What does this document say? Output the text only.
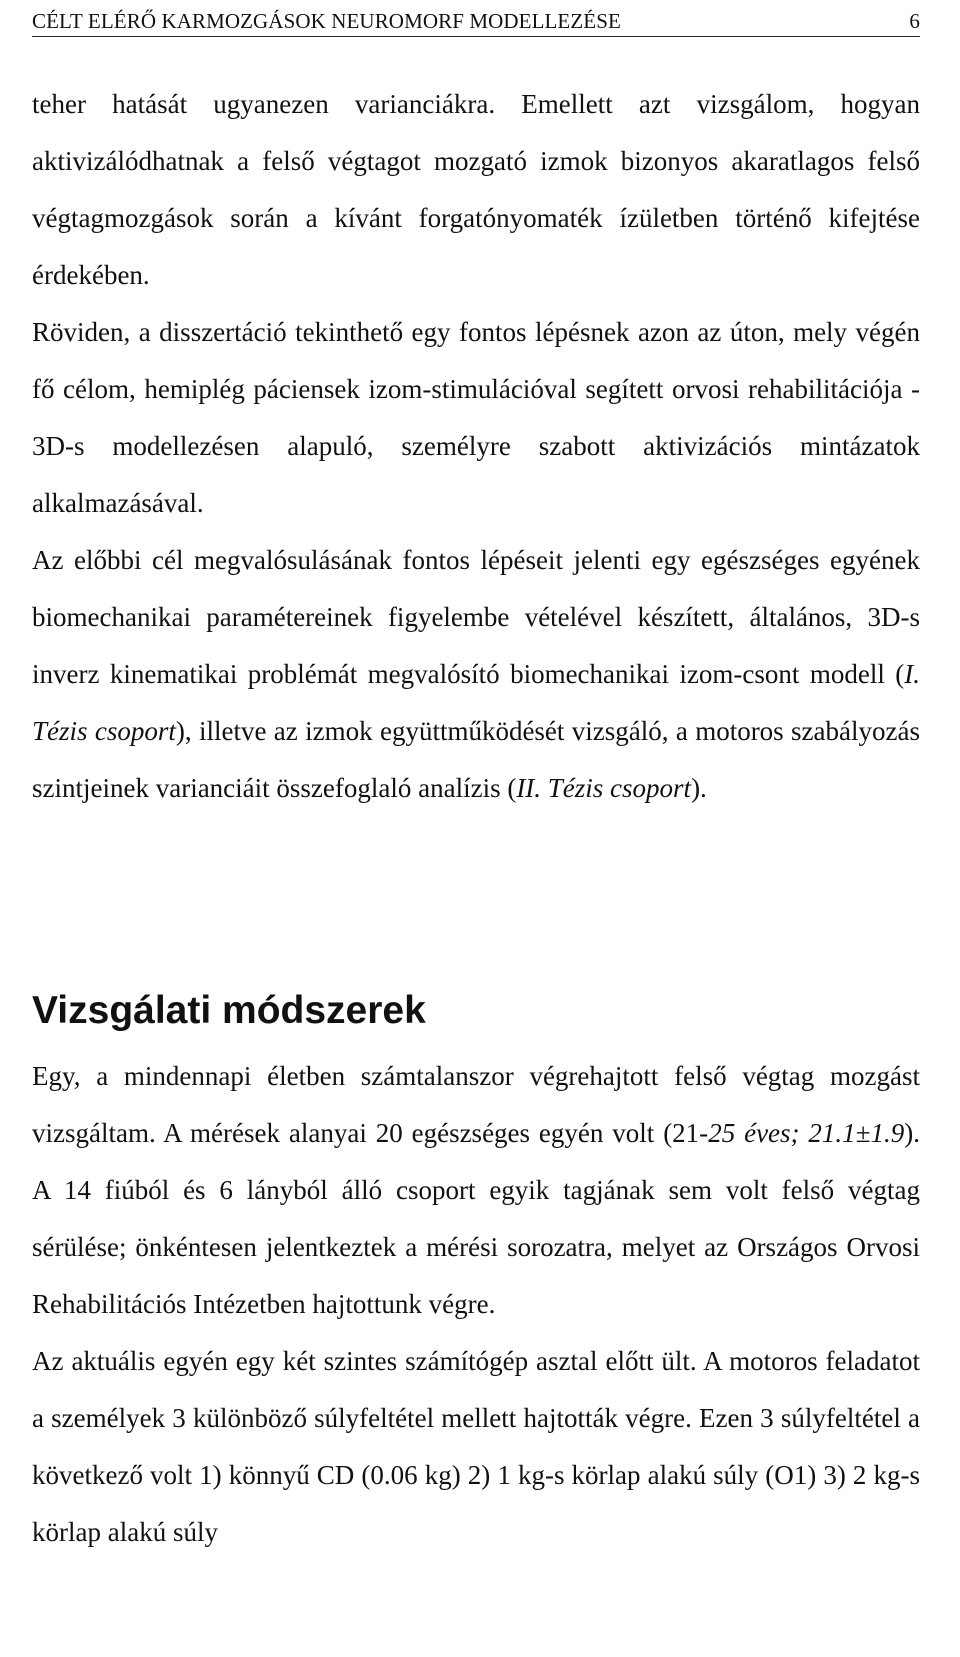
CÉLT ELÉRŐ KARMOZGÁSOK NEUROMORF MODELLEZÉSE	6

teher hatását ugyanezen varianciákra. Emellett azt vizsgálom, hogyan aktivizálódhatnak a felső végtagot mozgató izmok bizonyos akaratlagos felső végtagmozgások során a kívánt forgatónyomaték ízületben történő kifejtése érdekében.

Röviden, a disszertáció tekinthető egy fontos lépésnek azon az úton, mely végén fő célom, hemiplég páciensek izom-stimulációval segített orvosi rehabilitációja - 3D-s modellezésen alapuló, személyre szabott aktivizációs mintázatok alkalmazásával.

Az előbbi cél megvalósulásának fontos lépéseit jelenti egy egészséges egyének biomechanikai paramétereinek figyelembe vételével készített, általános, 3D-s inverz kinematikai problémát megvalósító biomechanikai izom-csont modell (I. Tézis csoport), illetve az izmok együttműködését vizsgáló, a motoros szabályozás szintjeinek varianciáit összefoglaló analízis (II. Tézis csoport).

Vizsgálati módszerek

Egy, a mindennapi életben számtalanszor végrehajtott felső végtag mozgást vizsgáltam. A mérések alanyai 20 egészséges egyén volt (21-25 éves; 21.1±1.9). A 14 fiúból és 6 lányból álló csoport egyik tagjának sem volt felső végtag sérülése; önkéntesen jelentkeztek a mérési sorozatra, melyet az Országos Orvosi Rehabilitációs Intézetben hajtottunk végre.

Az aktuális egyén egy két szintes számítógép asztal előtt ült. A motoros feladatot a személyek 3 különböző súlyfeltétel mellett hajtották végre. Ezen 3 súlyfeltétel a következő volt 1) könnyű CD (0.06 kg) 2) 1 kg-s körlap alakú súly (O1) 3) 2 kg-s körlap alakú súly
